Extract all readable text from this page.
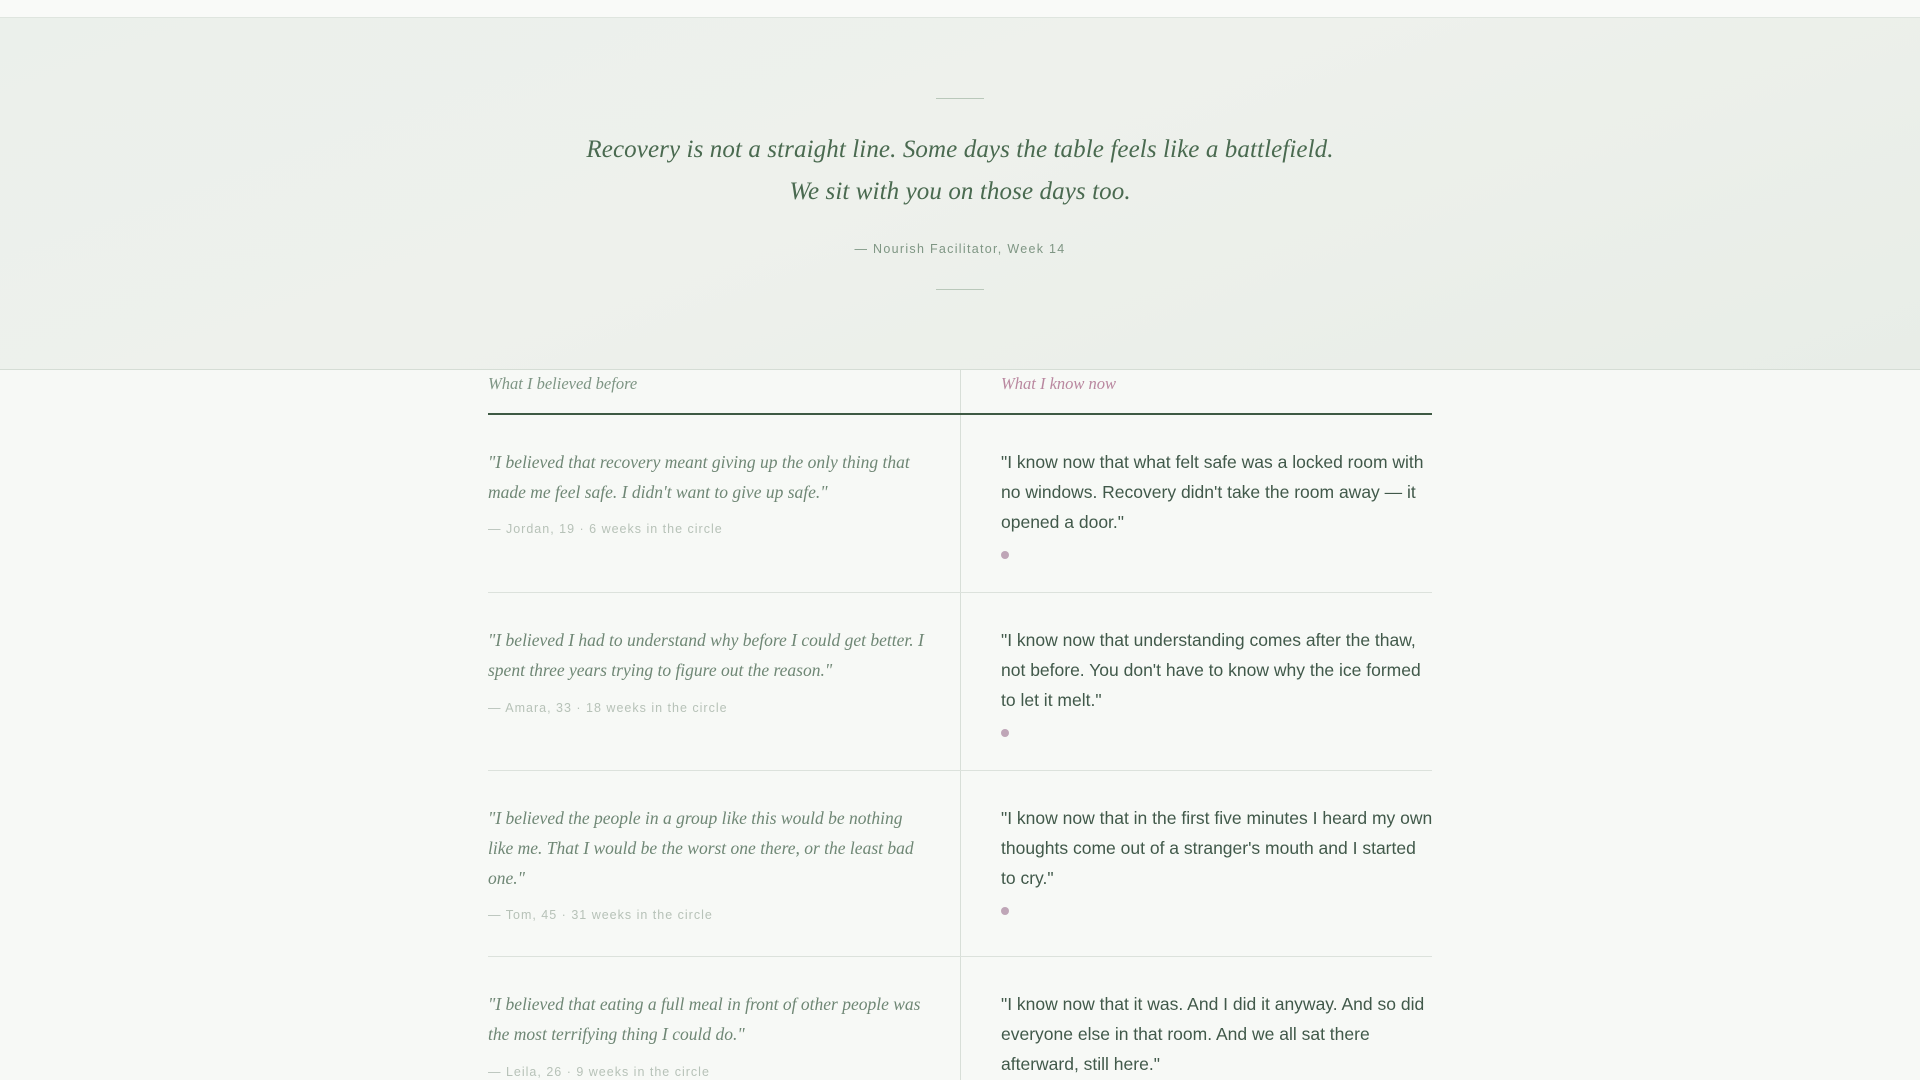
Recovery is not a straight line. Some days the table feels like a battlefield.
We sit with you on those days too.
— Nourish Facilitator, Week 14
What I believed before	What I know now
"I believed that recovery meant giving up the only thing that made me feel safe. I didn't want to give up safe."
— Jordan, 19 · 6 weeks in the circle
"I know now that what felt safe was a locked room with no windows. Recovery didn't take the room away — it opened a door."
"I believed I had to understand why before I could get better. I spent three years trying to figure out the reason."
— Amara, 33 · 18 weeks in the circle
"I know now that understanding comes after the thaw, not before. You don't have to know why the ice formed to let it melt."
"I believed the people in a group like this would be nothing like me. That I would be the worst one there, or the least bad one."
— Tom, 45 · 31 weeks in the circle
"I know now that in the first five minutes I heard my own thoughts come out of a stranger's mouth and I started to cry."
"I believed that eating a full meal in front of other people was the most terrifying thing I could do."
— Leila, 26 · 9 weeks in the circle
"I know now that it was. And I did it anyway. And so did everyone else in that room. And we all sat there afterward, still here."
